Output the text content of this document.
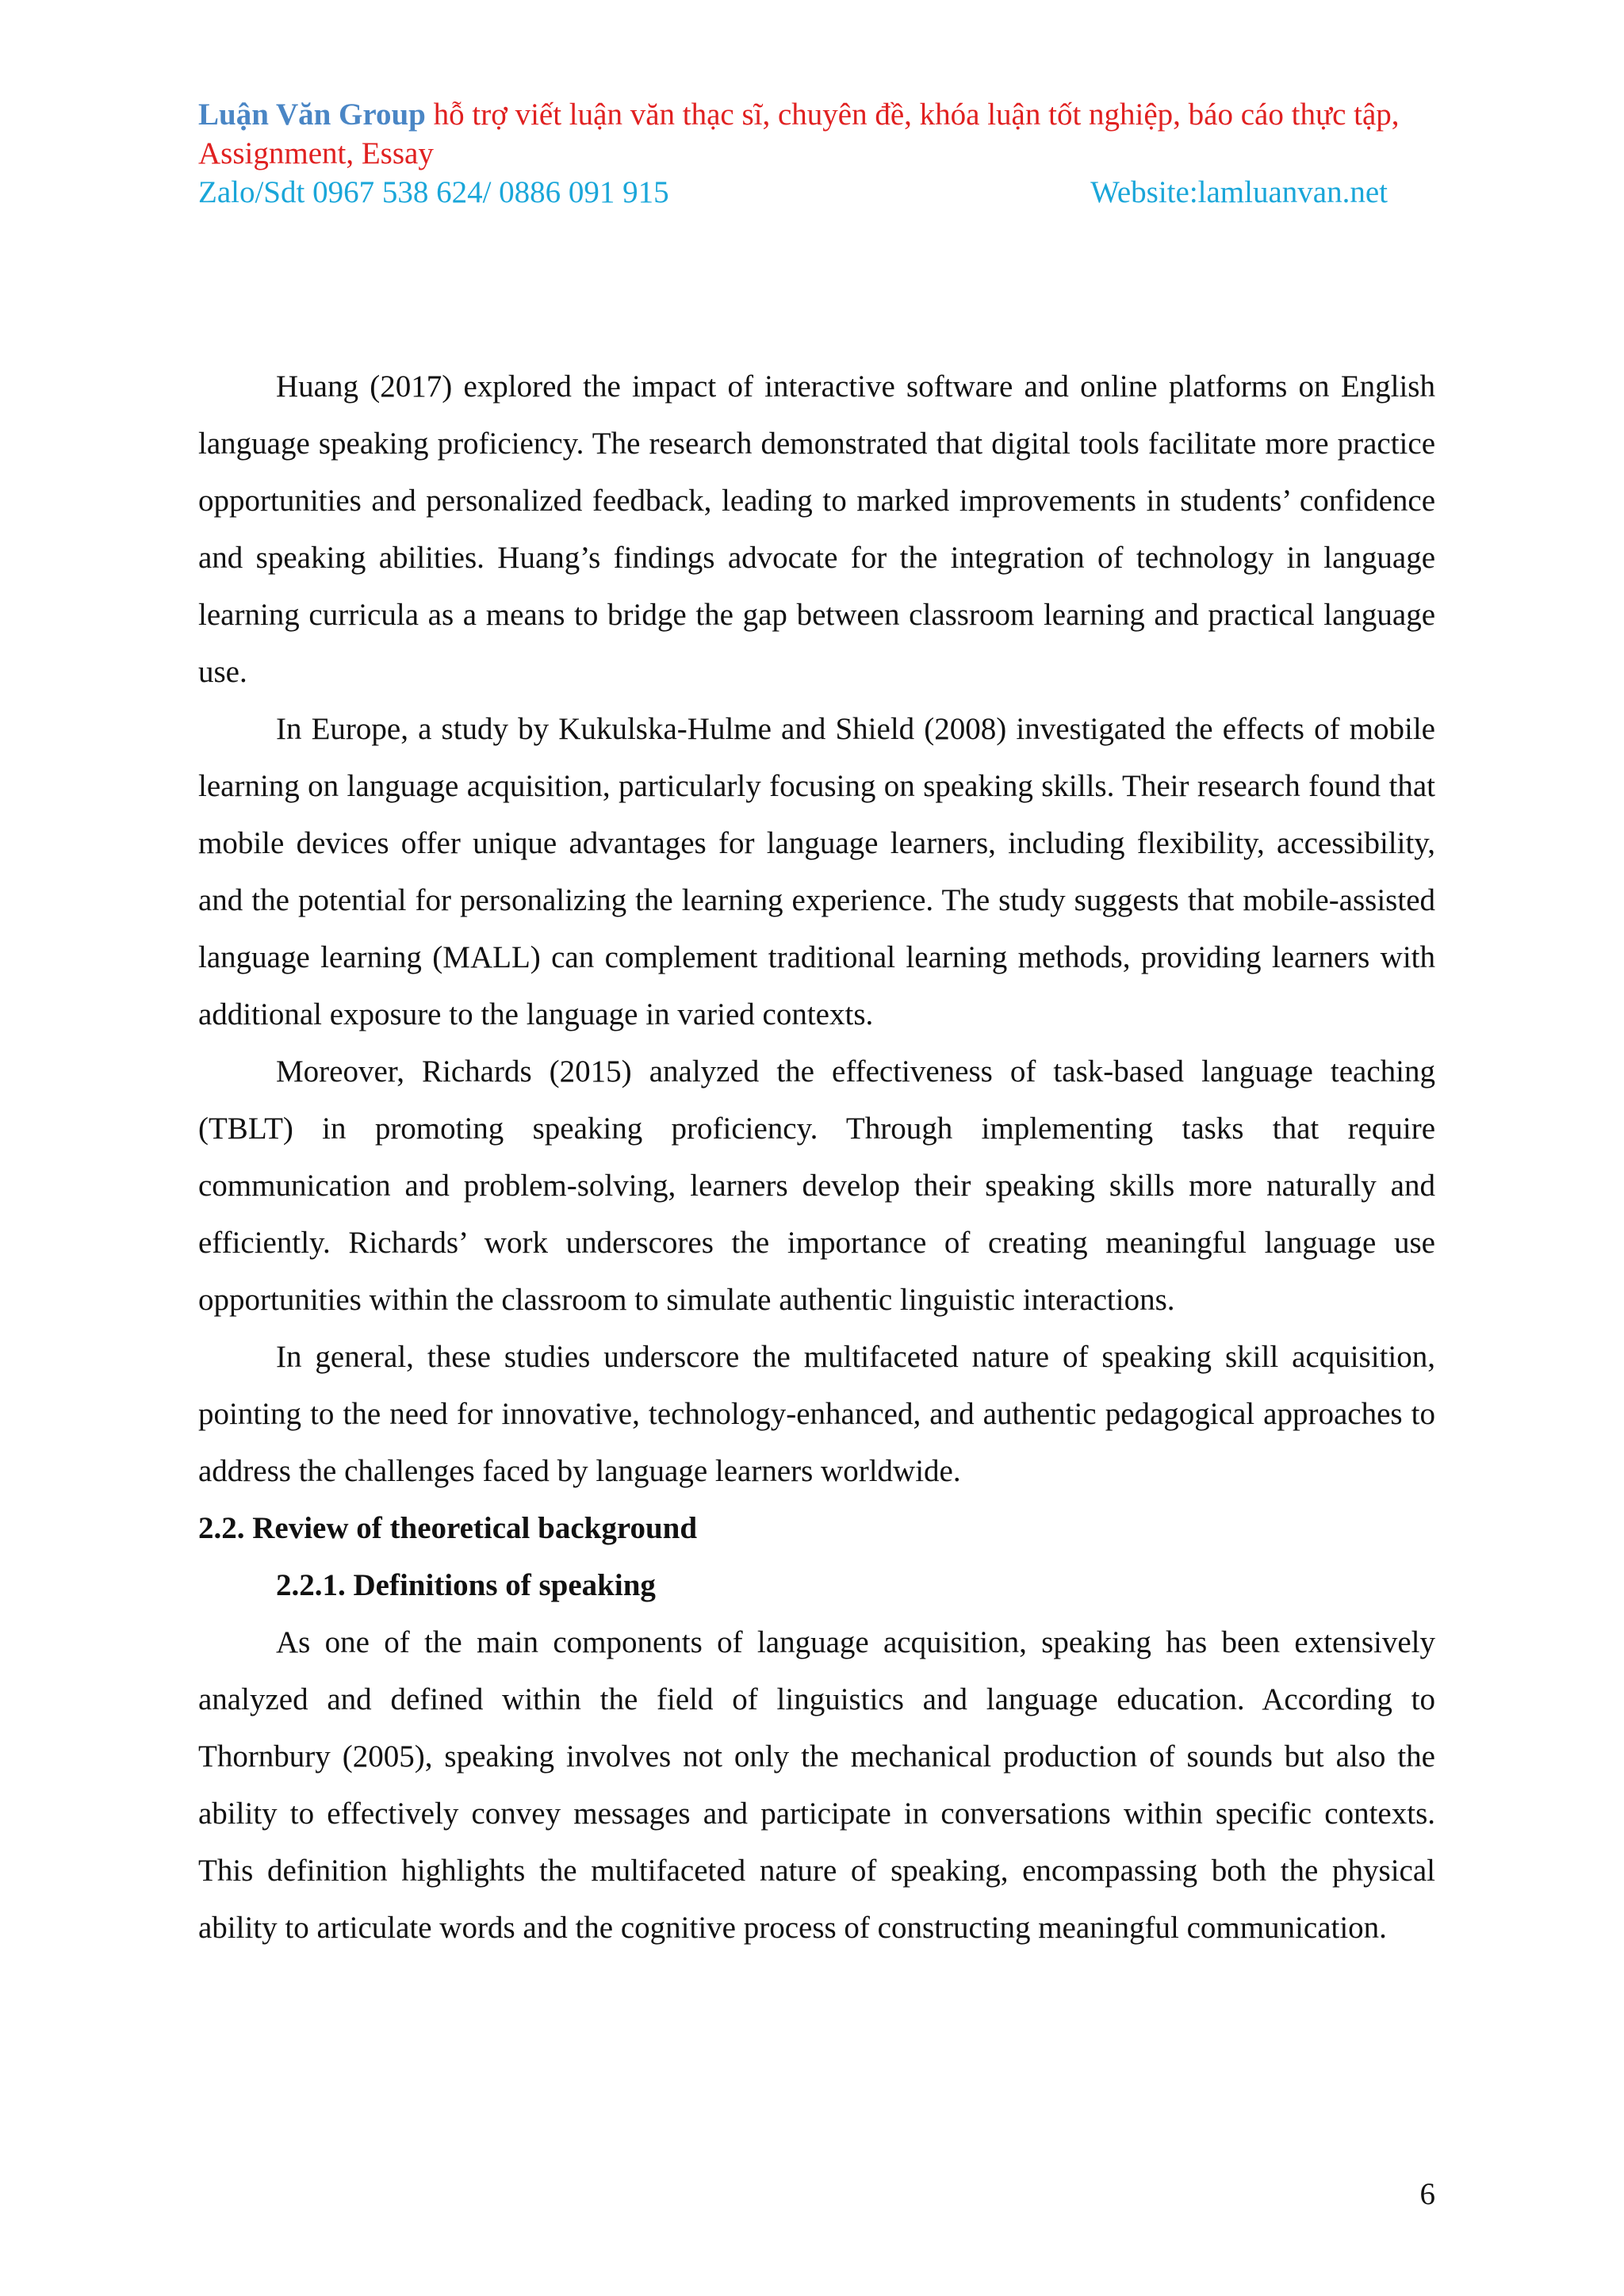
Luận Văn Group hỗ trợ viết luận văn thạc sĩ, chuyên đề, khóa luận tốt nghiệp, báo cáo thực tập, Assignment, Essay
Zalo/Sdt 0967 538 624/ 0886 091 915	Website:lamluanvan.net

Huang (2017) explored the impact of interactive software and online platforms on English language speaking proficiency. The research demonstrated that digital tools facilitate more practice opportunities and personalized feedback, leading to marked improvements in students’ confidence and speaking abilities. Huang’s findings advocate for the integration of technology in language learning curricula as a means to bridge the gap between classroom learning and practical language use.

In Europe, a study by Kukulska-Hulme and Shield (2008) investigated the effects of mobile learning on language acquisition, particularly focusing on speaking skills. Their research found that mobile devices offer unique advantages for language learners, including flexibility, accessibility, and the potential for personalizing the learning experience. The study suggests that mobile-assisted language learning (MALL) can complement traditional learning methods, providing learners with additional exposure to the language in varied contexts.

Moreover, Richards (2015) analyzed the effectiveness of task-based language teaching (TBLT) in promoting speaking proficiency. Through implementing tasks that require communication and problem-solving, learners develop their speaking skills more naturally and efficiently. Richards’ work underscores the importance of creating meaningful language use opportunities within the classroom to simulate authentic linguistic interactions.

In general, these studies underscore the multifaceted nature of speaking skill acquisition, pointing to the need for innovative, technology-enhanced, and authentic pedagogical approaches to address the challenges faced by language learners worldwide.

2.2. Review of theoretical background
2.2.1. Definitions of speaking

As one of the main components of language acquisition, speaking has been extensively analyzed and defined within the field of linguistics and language education. According to Thornbury (2005), speaking involves not only the mechanical production of sounds but also the ability to effectively convey messages and participate in conversations within specific contexts. This definition highlights the multifaceted nature of speaking, encompassing both the physical ability to articulate words and the cognitive process of constructing meaningful communication.

6
